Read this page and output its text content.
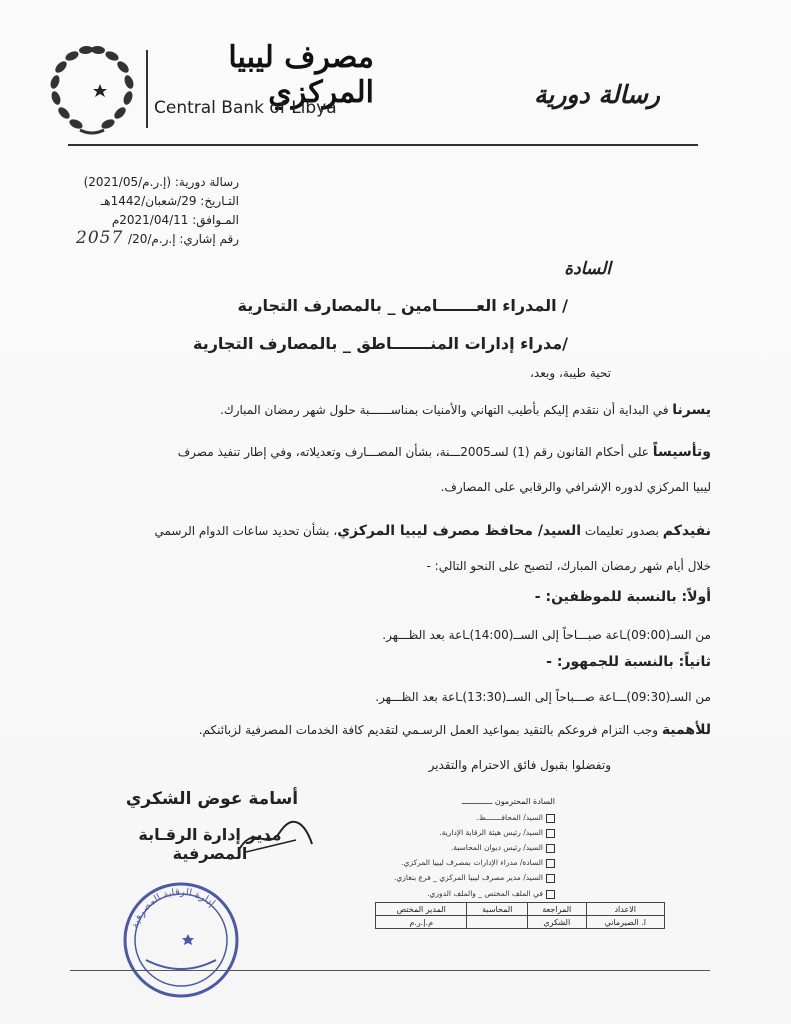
مصرف ليبيا المركزي
Central Bank of Libya	رسالة دورية
رسالة دورية: (إ.ر.م/2021/05)
التـاريخ: 29/شعبان/1442هـ
المـوافق: 2021/04/11م
رقم إشاري: إ.ر.م/20/
2057
السادة
/ المدراء العـــــــامين _ بالمصارف التجارية
/مدراء إدارات المنـــــــاطق _ بالمصارف التجارية
تحية طيبة، وبعد،
يسرنا في البداية أن نتقدم إليكم بأطيب التهاني والأمنيات بمناســــــبة حلول شهر رمضان المبارك.
وتأسيساً على أحكام القانون رقم (1) لسـ2005ـــنة، بشأن المصـــارف وتعديلاته، وفي إطار تنفيذ مصرف
ليبيا المركزي لدوره الإشرافي والرقابي على المصارف.
نفيدكم بصدور تعليمات السيد/ محافظ مصرف ليبيا المركزي، بشأن تحديد ساعات الدوام الرسمي
خلال أيام شهر رمضان المبارك، لتصبح على النحو التالي: -
أولاً: بالنسبة للموظفين: -
من السـ(09:00)ـاعة صبـــاحاً إلى الســ(14:00)ـاعة بعد الظـــهر.
ثانياً: بالنسبة للجمهور: -
من السـ(09:30)ـــاعة صـــباحاً إلى الســ(13:30)ـاعة بعد الظـــهر.
للأهمية وجب التزام فروعكم بالتقيد بمواعيد العمل الرسـمي لتقديم كافة الخدمات المصرفية لزبائنكم.
وتفضلوا بقبول فائق الاحترام والتقدير
أسامة عوض الشكري
مدير إدارة الرقـابة المصرفية
إدارة الرقابة المصرفية
السادة المحترمون ـــــــــــــ
السيد/ المحافـــــــظ.
السيد/ رئيس هيئة الرقابة الإدارية.
السيد/ رئيس ديوان المحاسبة.
السادة/ مدراء الإدارات بمصرف ليبيا المركزي.
السيد/ مدير مصرف ليبيا المركزي _ فرع بنغازي.
في الملف المختص _ والملف الدوري.
الاعداد	المراجعة	المحاسبة	المدير المختص
ا. الصيرماني	الشكري		م.إ.ر.م
